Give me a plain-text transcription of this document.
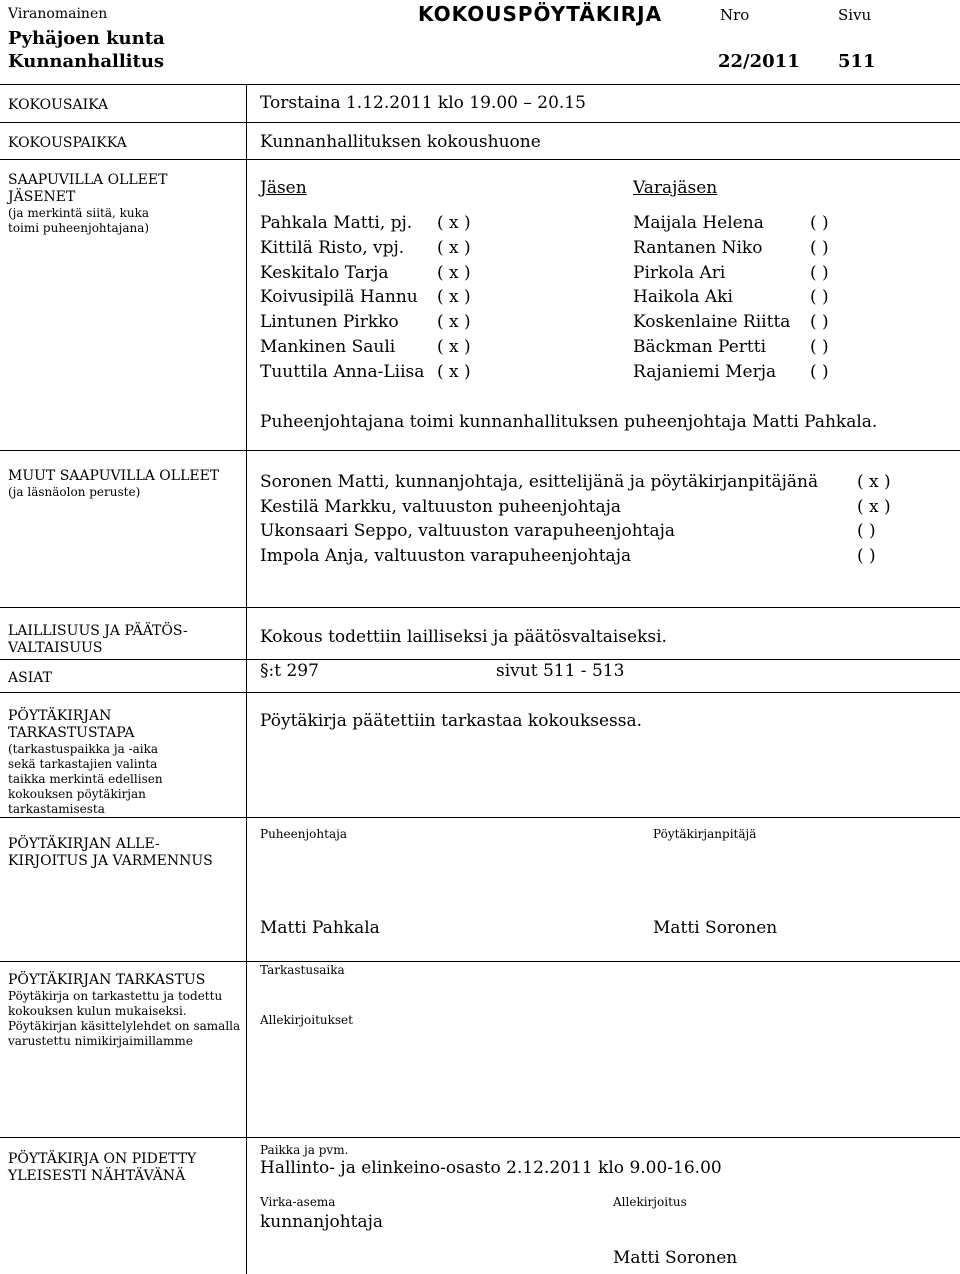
Viranomainen
Pyhäjoen kunta
Kunnanhallitus
KOKOUSPÖYTÄKIRJA	Nro	Sivu
22/2011 511
KOKOUSAIKA	Torstaina 1.12.2011 klo 19.00 – 20.15
KOKOUSPAIKKA	Kunnanhallituksen kokoushuone
SAAPUVILLA OLLEET JÄSENET
(ja merkintä siitä, kuka toimi puheenjohtajana)
Jäsen	Varajäsen
Pahkala Matti, pj. ( x )	Maijala Helena	( )
Kittilä Risto, vpj. ( x )	Rantanen Niko	( )
Keskitalo Tarja	( x )	Pirkola Ari	( )
Koivusipilä Hannu ( x )	Haikola Aki	( )
Lintunen Pirkko ( x )	Koskenlaine Riitta ( )
Mankinen Sauli ( x )	Bäckman Pertti	( )
Tuuttila Anna-Liisa ( x )	Rajaniemi Merja ( )
Puheenjohtajana toimi kunnanhallituksen puheenjohtaja Matti Pahkala.
MUUT SAAPUVILLA OLLEET
(ja läsnäolon peruste)	Soronen Matti, kunnanjohtaja, esittelijänä ja pöytäkirjanpitäjänä ( x )
Kestilä Markku, valtuuston puheenjohtaja	( x )
Ukonsaari Seppo, valtuuston varapuheenjohtaja	( )
Impola Anja, valtuuston varapuheenjohtaja	( )
LAILLISUUS JA PÄÄTÖS-
VALTAISUUS
Kokous todettiin lailliseksi ja päätösvaltaiseksi.
ASIAT	§:t 297	sivut 511 - 513
PÖYTÄKIRJAN
TARKASTUSTAPA
(tarkastuspaikka ja -aika sekä tarkastajien valinta taikka merkintä edellisen kokouksen pöytäkirjan tarkastamisesta
Pöytäkirja päätettiin tarkastaa kokouksessa.
PÖYTÄKIRJAN ALLE-
KIRJOITUS JA VARMENNUS
Puheenjohtaja	Pöytäkirjanpitäjä
Matti Pahkala	Matti Soronen
PÖYTÄKIRJAN TARKASTUS
Pöytäkirja on tarkastettu ja todettu kokouksen kulun mukaiseksi. Pöytäkirjan käsittelylehdet on samalla varustettu nimikirjaimillamme
Tarkastusaika
Allekirjoitukset
PÖYTÄKIRJA ON PIDETTY
YLEISESTI NÄHTÄVÄNÄ
Paikka ja pvm.
Hallinto- ja elinkeino-osasto 2.12.2011 klo 9.00-16.00
Virka-asema
kunnanjohtaja
Allekirjoitus
Matti Soronen
